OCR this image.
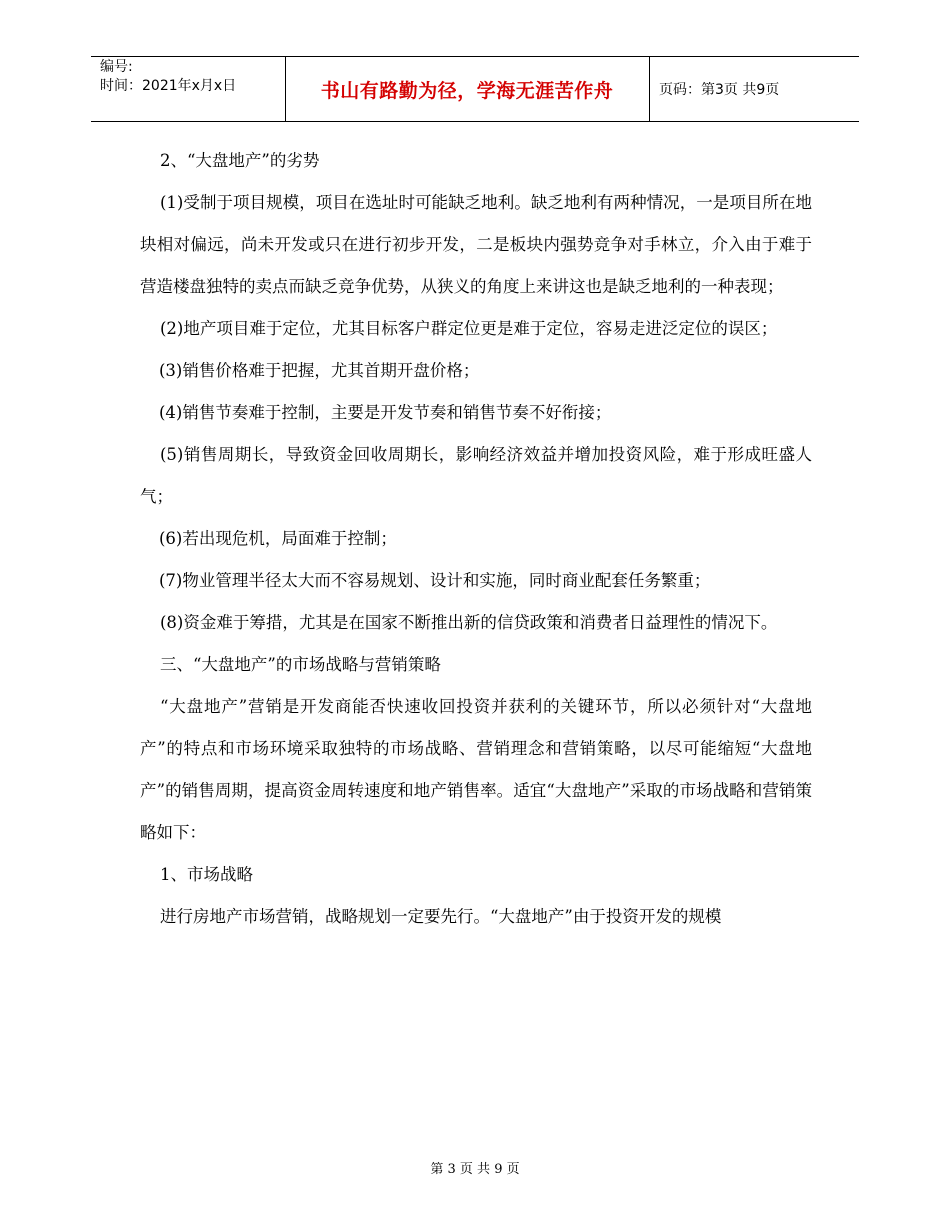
编号:
时间：2021年x月x日	书山有路勤为径，学海无涯苦作舟	页码：第3页 共9页

2、“大盘地产”的劣势

(1)受制于项目规模，项目在选址时可能缺乏地利。缺乏地利有两种情况，一是项目所在地块相对偏远，尚未开发或只在进行初步开发，二是板块内强势竞争对手林立，介入由于难于营造楼盘独特的卖点而缺乏竞争优势，从狭义的角度上来讲这也是缺乏地利的一种表现；

(2)地产项目难于定位，尤其目标客户群定位更是难于定位，容易走进泛定位的误区；

(3)销售价格难于把握，尤其首期开盘价格；

(4)销售节奏难于控制，主要是开发节奏和销售节奏不好衔接；

(5)销售周期长，导致资金回收周期长，影响经济效益并增加投资风险，难于形成旺盛人气；

(6)若出现危机，局面难于控制；

(7)物业管理半径太大而不容易规划、设计和实施，同时商业配套任务繁重；

(8)资金难于筹措，尤其是在国家不断推出新的信贷政策和消费者日益理性的情况下。

三、“大盘地产”的市场战略与营销策略

“大盘地产”营销是开发商能否快速收回投资并获利的关键环节，所以必须针对“大盘地产”的特点和市场环境采取独特的市场战略、营销理念和营销策略，以尽可能缩短“大盘地产”的销售周期，提高资金周转速度和地产销售率。适宜“大盘地产”采取的市场战略和营销策略如下：

1、市场战略

进行房地产市场营销，战略规划一定要先行。“大盘地产”由于投资开发的规模

第 3 页 共 9 页
